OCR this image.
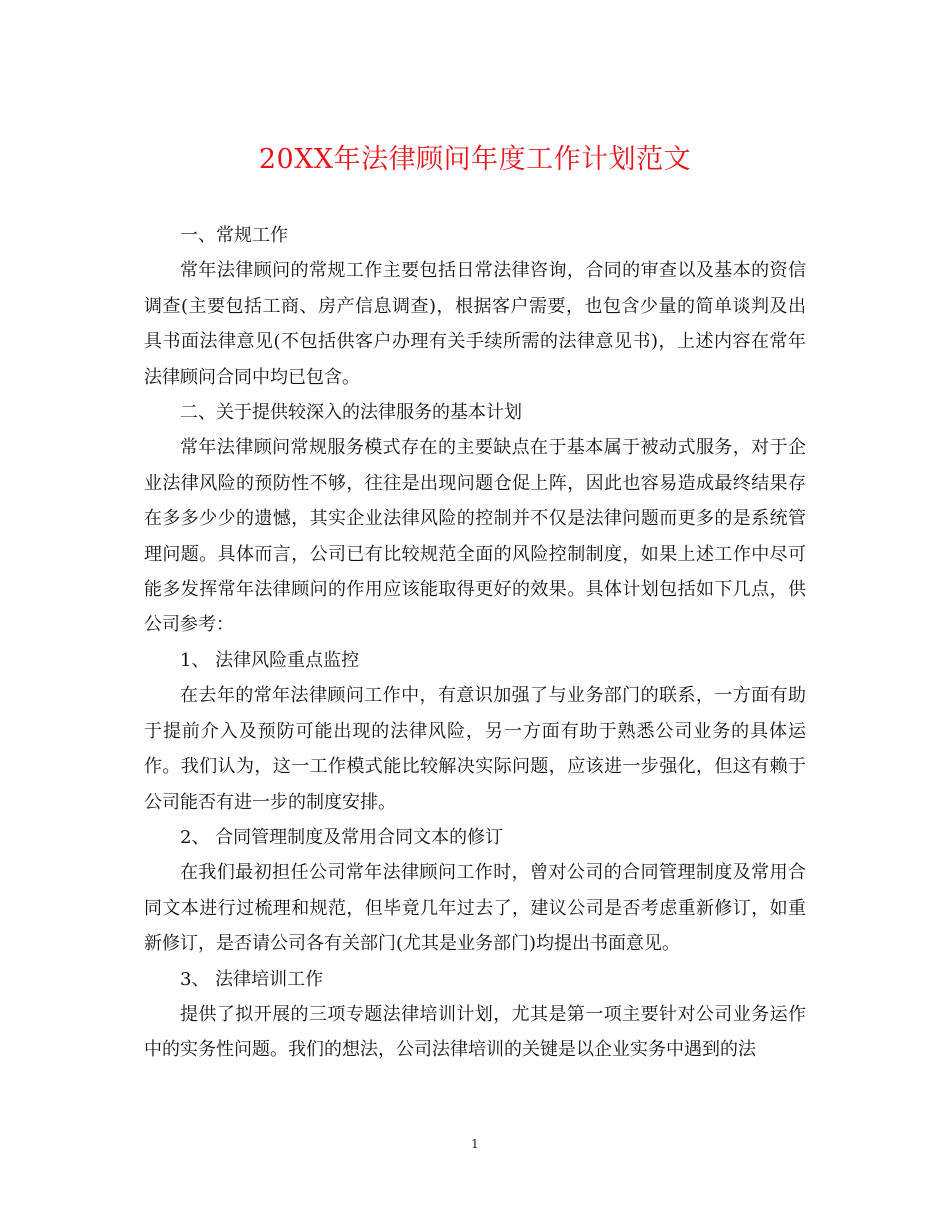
20XX年法律顾问年度工作计划范文

一、常规工作

常年法律顾问的常规工作主要包括日常法律咨询，合同的审查以及基本的资信调查(主要包括工商、房产信息调查)，根据客户需要，也包含少量的简单谈判及出具书面法律意见(不包括供客户办理有关手续所需的法律意见书)，上述内容在常年法律顾问合同中均已包含。

二、关于提供较深入的法律服务的基本计划

常年法律顾问常规服务模式存在的主要缺点在于基本属于被动式服务，对于企业法律风险的预防性不够，往往是出现问题仓促上阵，因此也容易造成最终结果存在多多少少的遗憾，其实企业法律风险的控制并不仅是法律问题而更多的是系统管理问题。具体而言，公司已有比较规范全面的风险控制制度，如果上述工作中尽可能多发挥常年法律顾问的作用应该能取得更好的效果。具体计划包括如下几点，供公司参考：

1、 法律风险重点监控

在去年的常年法律顾问工作中，有意识加强了与业务部门的联系，一方面有助于提前介入及预防可能出现的法律风险，另一方面有助于熟悉公司业务的具体运作。我们认为，这一工作模式能比较解决实际问题，应该进一步强化，但这有赖于公司能否有进一步的制度安排。

2、 合同管理制度及常用合同文本的修订

在我们最初担任公司常年法律顾问工作时，曾对公司的合同管理制度及常用合同文本进行过梳理和规范，但毕竟几年过去了，建议公司是否考虑重新修订，如重新修订，是否请公司各有关部门(尤其是业务部门)均提出书面意见。

3、 法律培训工作

提供了拟开展的三项专题法律培训计划，尤其是第一项主要针对公司业务运作中的实务性问题。我们的想法，公司法律培训的关键是以企业实务中遇到的法

1
